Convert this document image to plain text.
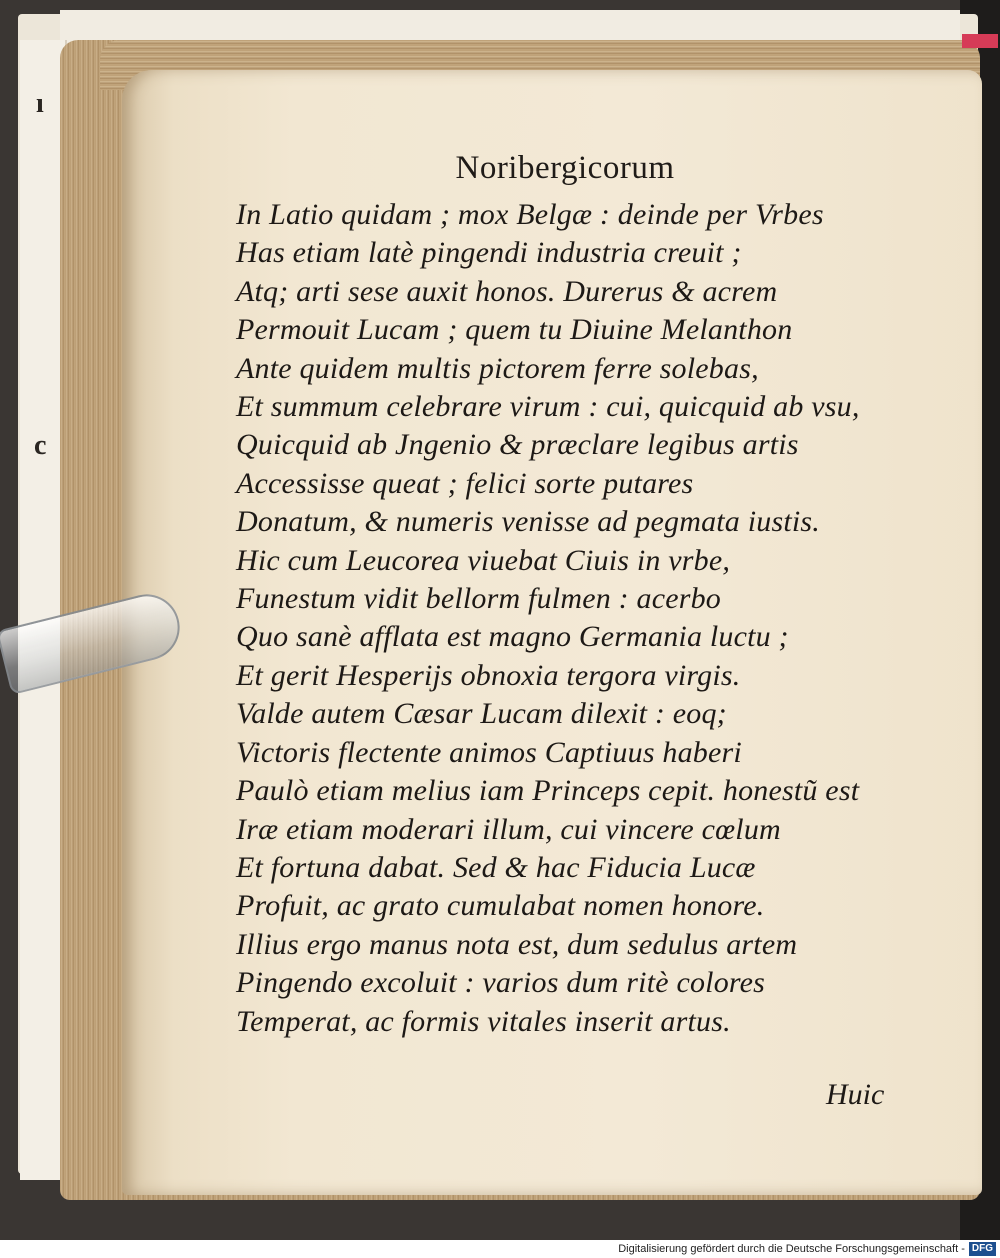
ı
c
Noribergicorum
In Latio quidam ; mox Belgæ : deinde per Vrbes
Has etiam latè pingendi industria creuit ;
Atq; arti sese auxit honos. Durerus & acrem
Permouit Lucam ; quem tu Diuine Melanthon
Ante quidem multis pictorem ferre solebas,
Et summum celebrare virum : cui, quicquid ab vsu,
Quicquid ab Jngenio & præclare legibus artis
Accessisse queat ; felici sorte putares
Donatum, & numeris venisse ad pegmata iustis.
Hic cum Leucorea viuebat Ciuis in vrbe,
Funestum vidit bellorm fulmen : acerbo
Quo sanè afflata est magno Germania luctu ;
Et gerit Hesperijs obnoxia tergora virgis.
Valde autem Cæsar Lucam dilexit : eoq;
Victoris flectente animos Captiuus haberi
Paulò etiam melius iam Princeps cepit. honestũ est
Iræ etiam moderari illum, cui vincere cœlum
Et fortuna dabat. Sed & hac Fiducia Lucæ
Profuit, ac grato cumulabat nomen honore.
Illius ergo manus nota est, dum sedulus artem
Pingendo excoluit : varios dum ritè colores
Temperat, ac formis vitales inserit artus.
Huic
Digitalisierung gefördert durch die Deutsche Forschungsgemeinschaft - DFG
